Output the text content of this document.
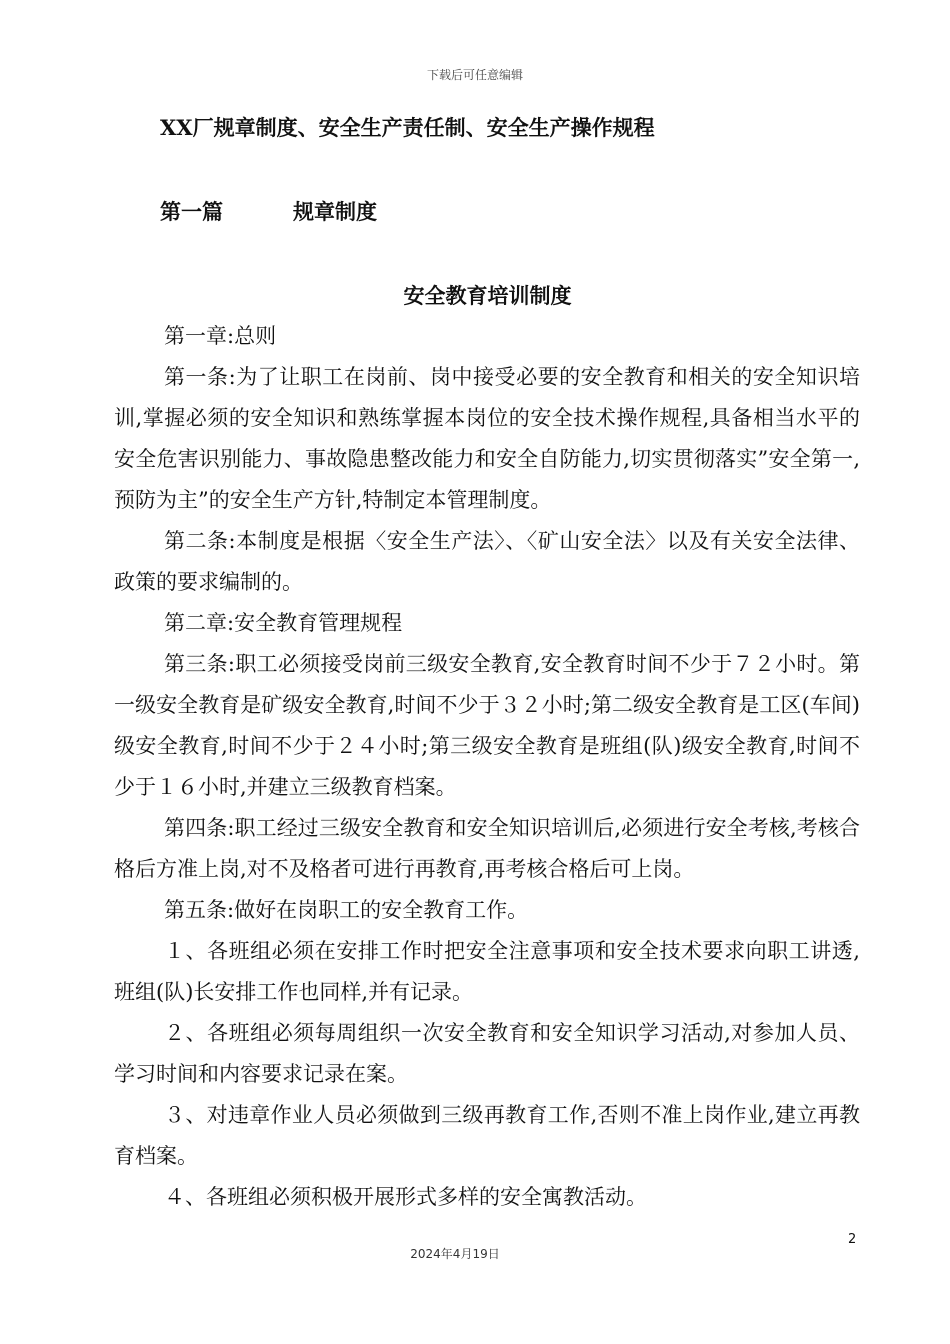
下载后可任意编辑
XX厂规章制度、安全生产责任制、安全生产操作规程
第一篇	规章制度
安全教育培训制度

第一章:总则

第一条:为了让职工在岗前、岗中接受必要的安全教育和相关的安全知识培训,掌握必须的安全知识和熟练掌握本岗位的安全技术操作规程,具备相当水平的安全危害识别能力、事故隐患整改能力和安全自防能力,切实贯彻落实”安全第一,预防为主”的安全生产方针,特制定本管理制度。

第二条:本制度是根据〈安全生产法〉、〈矿山安全法〉以及有关安全法律、政策的要求编制的。

第二章:安全教育管理规程

第三条:职工必须接受岗前三级安全教育,安全教育时间不少于７２小时。第一级安全教育是矿级安全教育,时间不少于３２小时;第二级安全教育是工区(车间)级安全教育,时间不少于２４小时;第三级安全教育是班组(队)级安全教育,时间不少于１６小时,并建立三级教育档案。

第四条:职工经过三级安全教育和安全知识培训后,必须进行安全考核,考核合格后方准上岗,对不及格者可进行再教育,再考核合格后可上岗。

第五条:做好在岗职工的安全教育工作。

１、各班组必须在安排工作时把安全注意事项和安全技术要求向职工讲透,班组(队)长安排工作也同样,并有记录。

２、各班组必须每周组织一次安全教育和安全知识学习活动,对参加人员、学习时间和内容要求记录在案。

３、对违章作业人员必须做到三级再教育工作,否则不准上岗作业,建立再教育档案。

４、各班组必须积极开展形式多样的安全寓教活动。

2
2024年4月19日
